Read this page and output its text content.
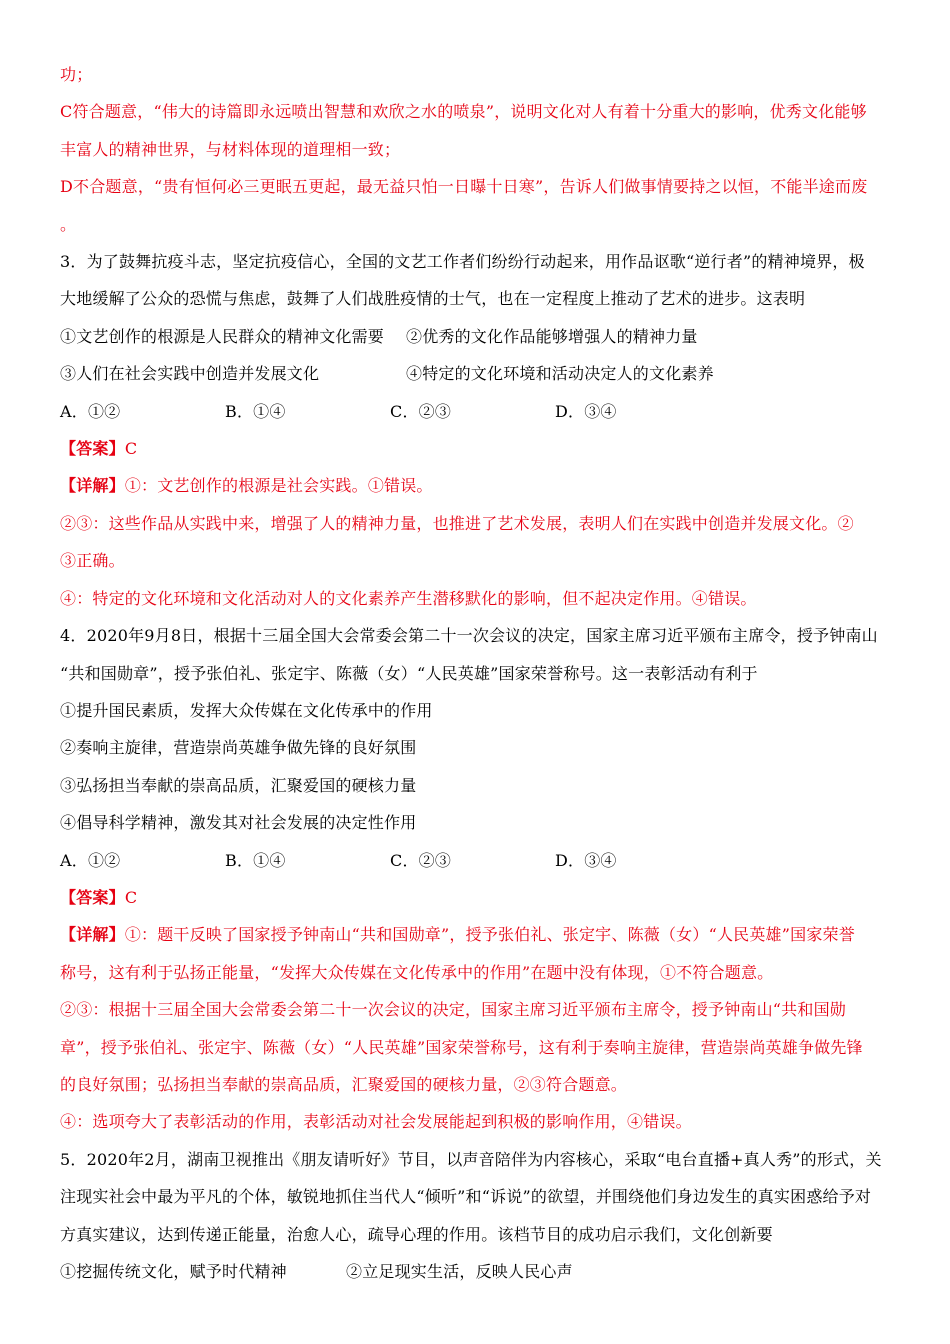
功；
C符合题意，“伟大的诗篇即永远喷出智慧和欢欣之水的喷泉”，说明文化对人有着十分重大的影响，优秀文化能够
丰富人的精神世界，与材料体现的道理相一致；
D不合题意，“贵有恒何必三更眠五更起，最无益只怕一日曝十日寒”，告诉人们做事情要持之以恒，不能半途而废
。
3．为了鼓舞抗疫斗志，坚定抗疫信心，全国的文艺工作者们纷纷行动起来，用作品讴歌“逆行者”的精神境界，极
大地缓解了公众的恐慌与焦虑，鼓舞了人们战胜疫情的士气，也在一定程度上推动了艺术的进步。这表明
①文艺创作的根源是人民群众的精神文化需要	②优秀的文化作品能够增强人的精神力量
③人们在社会实践中创造并发展文化	④特定的文化环境和活动决定人的文化素养
A．①②	B．①④	C．②③	D．③④
【答案】C
【详解】①：文艺创作的根源是社会实践。①错误。
②③：这些作品从实践中来，增强了人的精神力量，也推进了艺术发展，表明人们在实践中创造并发展文化。②
③正确。
④：特定的文化环境和文化活动对人的文化素养产生潜移默化的影响，但不起决定作用。④错误。
4．2020年9月8日，根据十三届全国大会常委会第二十一次会议的决定，国家主席习近平颁布主席令，授予钟南山
“共和国勋章”，授予张伯礼、张定宇、陈薇（女）“人民英雄”国家荣誉称号。这一表彰活动有利于
①提升国民素质，发挥大众传媒在文化传承中的作用
②奏响主旋律，营造崇尚英雄争做先锋的良好氛围
③弘扬担当奉献的崇高品质，汇聚爱国的硬核力量
④倡导科学精神，激发其对社会发展的决定性作用
A．①②	B．①④	C．②③	D．③④
【答案】C
【详解】①：题干反映了国家授予钟南山“共和国勋章”，授予张伯礼、张定宇、陈薇（女）“人民英雄”国家荣誉
称号，这有利于弘扬正能量，“发挥大众传媒在文化传承中的作用”在题中没有体现，①不符合题意。
②③：根据十三届全国大会常委会第二十一次会议的决定，国家主席习近平颁布主席令，授予钟南山“共和国勋
章”，授予张伯礼、张定宇、陈薇（女）“人民英雄”国家荣誉称号，这有利于奏响主旋律，营造崇尚英雄争做先锋
的良好氛围；弘扬担当奉献的崇高品质，汇聚爱国的硬核力量，②③符合题意。
④：选项夸大了表彰活动的作用，表彰活动对社会发展能起到积极的影响作用，④错误。
5．2020年2月，湖南卫视推出《朋友请听好》节目，以声音陪伴为内容核心，采取“电台直播+真人秀”的形式，关
注现实社会中最为平凡的个体，敏锐地抓住当代人“倾听”和“诉说”的欲望，并围绕他们身边发生的真实困惑给予对
方真实建议，达到传递正能量，治愈人心，疏导心理的作用。该档节目的成功启示我们，文化创新要
①挖掘传统文化，赋予时代精神	②立足现实生活，反映人民心声
